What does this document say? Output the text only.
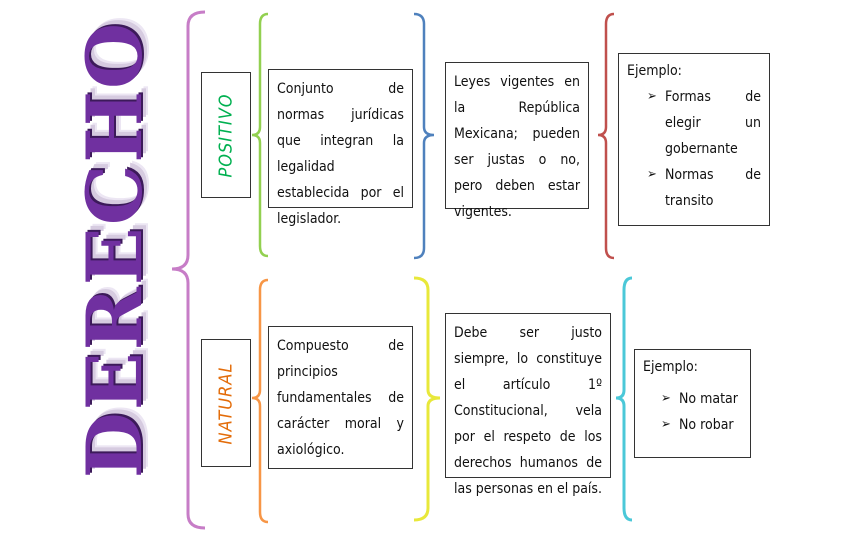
DERECHO	POSITIVO
Conjunto de normas jurídicas que integran la legalidad establecida por el legislador.
Leyes vigentes en la República Mexicana; pueden ser justas o no, pero deben estar vigentes.
Ejemplo:
➢ Formas de elegir un gobernante
➢ Normas de transito
NATURAL
Compuesto de principios fundamentales de carácter moral y axiológico.
Debe ser justo siempre, lo constituye el artículo 1º Constitucional, vela por el respeto de los derechos humanos de las personas en el país.
Ejemplo:
➢ No matar
➢ No robar
